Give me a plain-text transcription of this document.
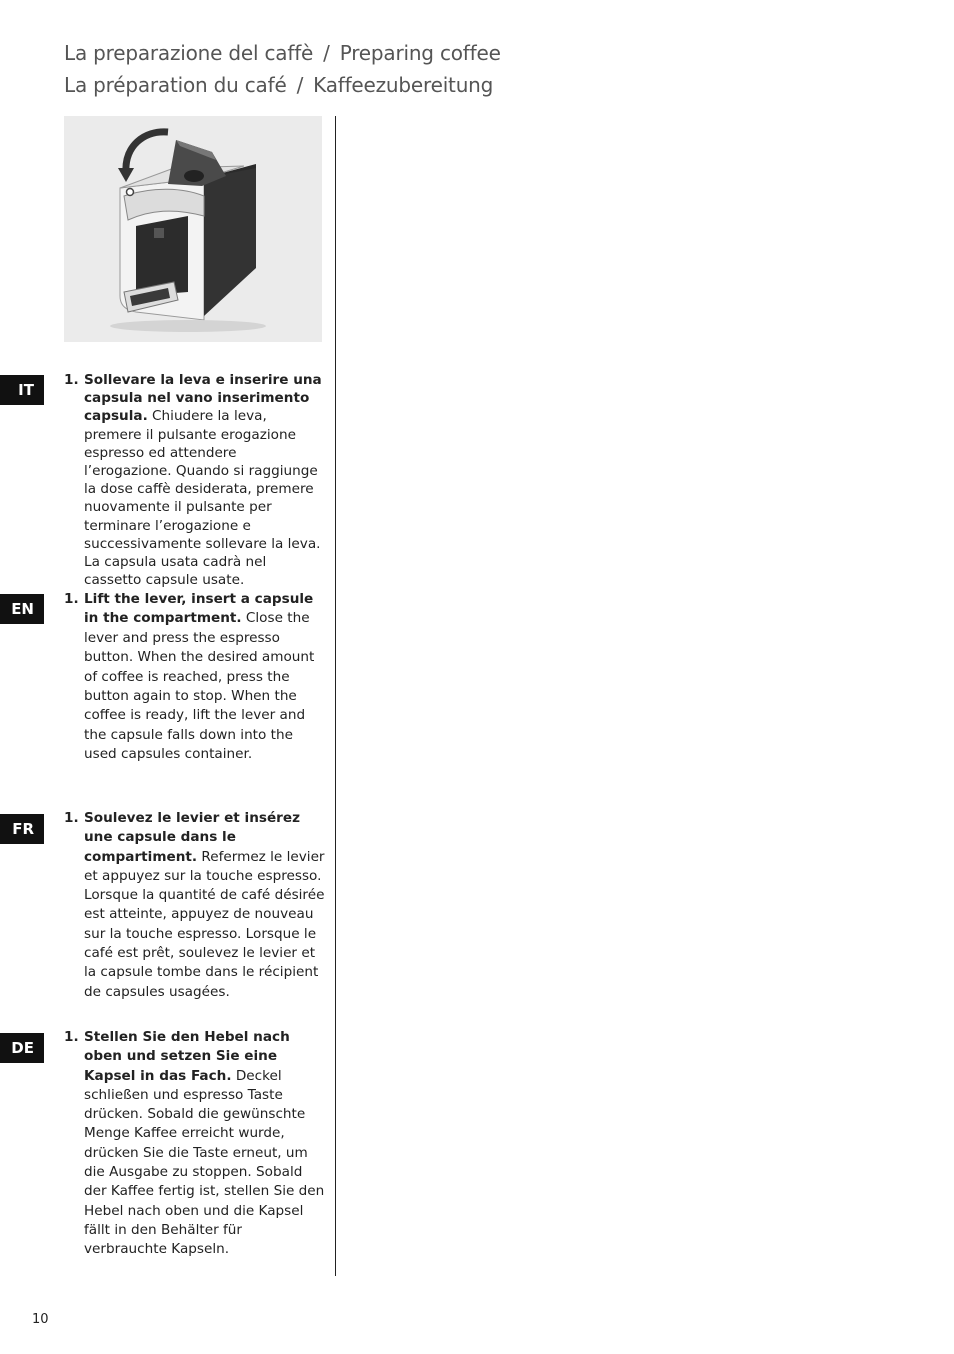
La preparazione del caffè / Preparing coffee
La préparation du café / Kaffeezubereitung
IT
EN
FR
DE
1. Sollevare la leva e inserire una capsula nel vano inserimento capsula. Chiudere la leva, premere il pulsante erogazione espresso ed attendere l’erogazione. Quando si raggiunge la dose caffè desiderata, premere nuovamente il pulsante per terminare l’erogazione e successivamente sollevare la leva. La capsula usata cadrà nel cassetto capsule usate.
1. Lift the lever, insert a capsule in the compartment. Close the lever and press the espresso button. When the desired amount of coffee is reached, press the button again to stop. When the coffee is ready, lift the lever and the capsule falls down into the used capsules container.
1. Soulevez le levier et insérez une capsule dans le compartiment. Refermez le levier et appuyez sur la touche espresso. Lorsque la quantité de café désirée est atteinte, appuyez de nouveau sur la touche espresso. Lorsque le café est prêt, soulevez le levier et la capsule tombe dans le récipient de capsules usagées.
1. Stellen Sie den Hebel nach oben und setzen Sie eine Kapsel in das Fach. Deckel schließen und espresso Taste drücken. Sobald die gewünschte Menge Kaffee erreicht wurde, drücken Sie die Taste erneut, um die Ausgabe zu stoppen. Sobald der Kaffee fertig ist, stellen Sie den Hebel nach oben und die Kapsel fällt in den Behälter für verbrauchte Kapseln.
10
